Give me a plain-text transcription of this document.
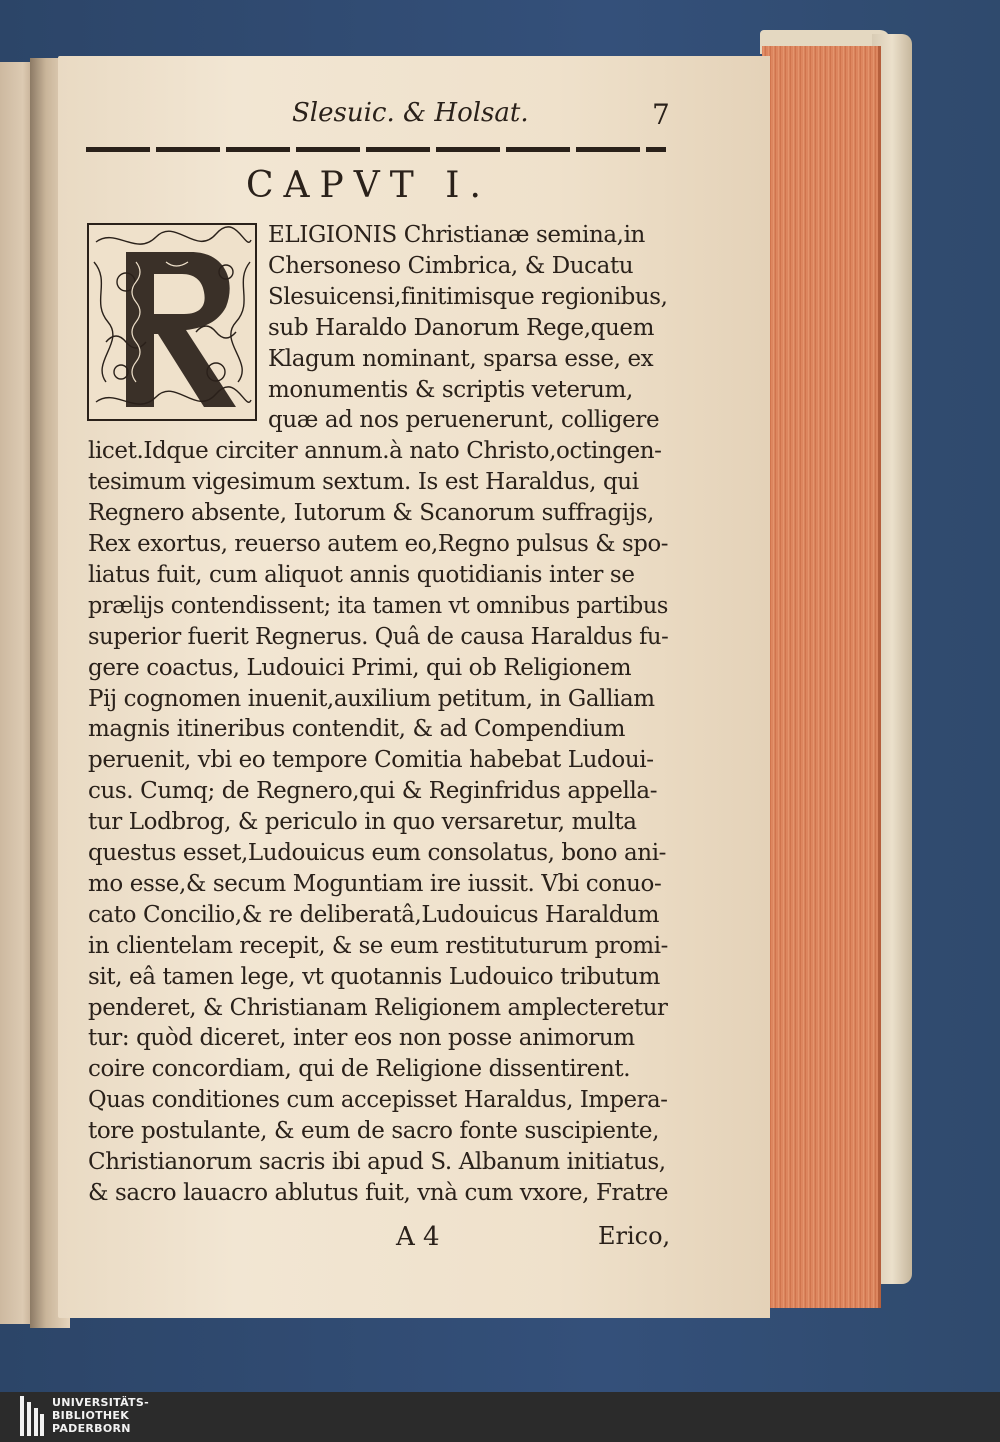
Slesuic. & Holsat.	7
CAPVT I.
ELIGIONIS Christianæ semina,in
Chersoneso Cimbrica, & Ducatu
Slesuicensi,finitimisque regionibus,
sub Haraldo Danorum Rege,quem
Klagum nominant, sparsa esse, ex
monumentis & scriptis veterum,
quæ ad nos peruenerunt, colligere
licet.Idque circiter annum.à nato Christo,octingen-
tesimum vigesimum sextum. Is est Haraldus, qui
Regnero absente, Iutorum & Scanorum suffragijs,
Rex exortus, reuerso autem eo,Regno pulsus & spo-
liatus fuit, cum aliquot annis quotidianis inter se
prælijs contendissent; ita tamen vt omnibus partibus
superior fuerit Regnerus. Quâ de causa Haraldus fu-
gere coactus, Ludouici Primi, qui ob Religionem
Pij cognomen inuenit,auxilium petitum, in Galliam
magnis itineribus contendit, & ad Compendium
peruenit, vbi eo tempore Comitia habebat Ludoui-
cus. Cumq; de Regnero,qui & Reginfridus appella-
tur Lodbrog, & periculo in quo versaretur, multa
questus esset,Ludouicus eum consolatus, bono ani-
mo esse,& secum Moguntiam ire iussit. Vbi conuo-
cato Concilio,& re deliberatâ,Ludouicus Haraldum
in clientelam recepit, & se eum restituturum promi-
sit, eâ tamen lege, vt quotannis Ludouico tributum
penderet, & Christianam Religionem amplecteretur
tur: quòd diceret, inter eos non posse animorum
coire concordiam, qui de Religione dissentirent.
Quas conditiones cum accepisset Haraldus, Impera-
tore postulante, & eum de sacro fonte suscipiente,
Christianorum sacris ibi apud S. Albanum initiatus,
& sacro lauacro ablutus fuit, vnà cum vxore, Fratre
A 4	Erico,
UNIVERSITÄTS-
BIBLIOTHEK
PADERBORN
